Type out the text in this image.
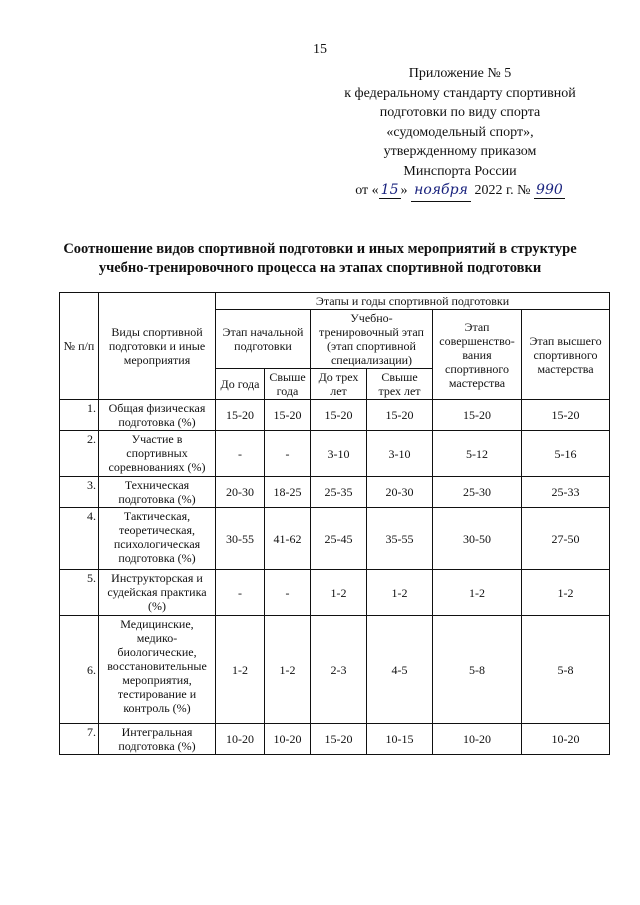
15
Приложение № 5
к федеральному стандарту спортивной
подготовки по виду спорта
«судомодельный спорт»,
утвержденному приказом
Минспорта России
от « 15 » ноября 2022 г. № 990
Соотношение видов спортивной подготовки и иных мероприятий в структуре
учебно-тренировочного процесса на этапах спортивной подготовки
№ п/п	Виды спортивной подготовки и иные мероприятия	Этапы и годы спортивной подготовки					
		Этап начальной подготовки		Учебно-тренировочный этап (этап спортивной специализации)		Этап совершенство-вания спортивного мастерства	Этап высшего спортивного мастерства
		До года	Свыше года	До трех лет	Свыше трех лет		
1.	Общая физическая подготовка (%)	15-20	15-20	15-20	15-20	15-20	15-20
2.	Участие в спортивных соревнованиях (%)	-	-	3-10	3-10	5-12	5-16
3.	Техническая подготовка (%)	20-30	18-25	25-35	20-30	25-30	25-33
4.	Тактическая, теоретическая, психологическая подготовка (%)	30-55	41-62	25-45	35-55	30-50	27-50
5.	Инструкторская и судейская практика (%)	-	-	1-2	1-2	1-2	1-2
6.	Медицинские, медико-биологические, восстановительные мероприятия, тестирование и контроль (%)	1-2	1-2	2-3	4-5	5-8	5-8
7.	Интегральная подготовка (%)	10-20	10-20	15-20	10-15	10-20	10-20
